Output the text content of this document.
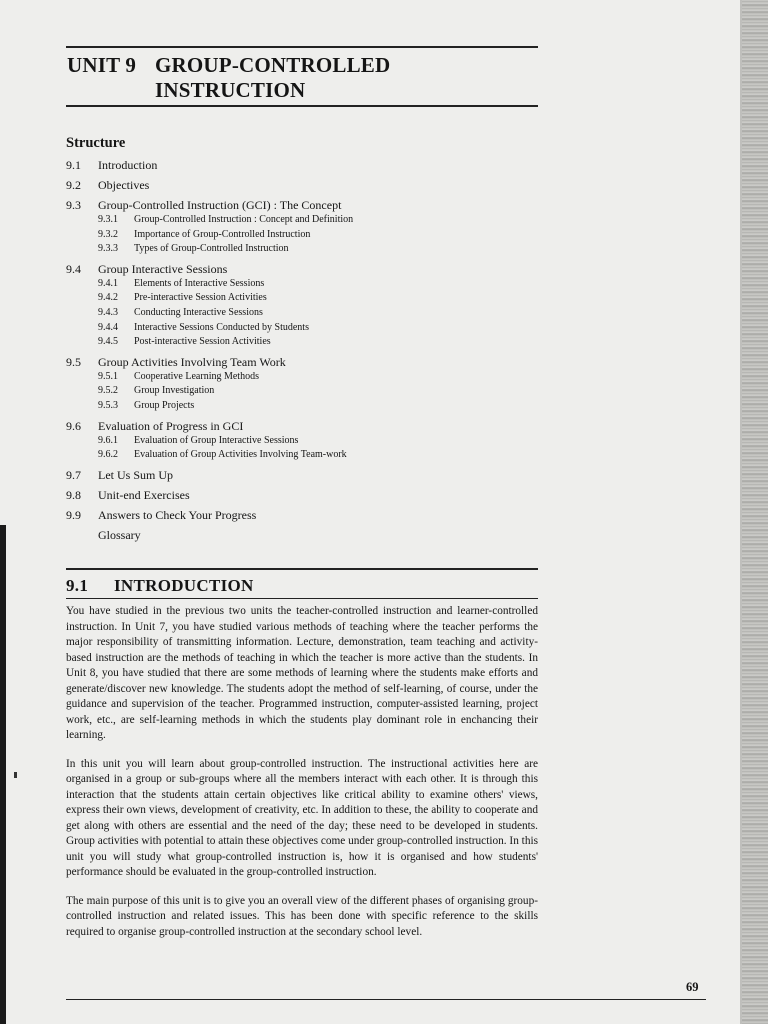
UNIT 9 GROUP-CONTROLLED
INSTRUCTION
Structure
9.1	Introduction
9.2	Objectives
9.3	Group-Controlled Instruction (GCI) : The Concept
9.3.1	Group-Controlled Instruction : Concept and Definition
9.3.2	Importance of Group-Controlled Instruction
9.3.3	Types of Group-Controlled Instruction
9.4	Group Interactive Sessions
9.4.1	Elements of Interactive Sessions
9.4.2	Pre-interactive Session Activities
9.4.3	Conducting Interactive Sessions
9.4.4	Interactive Sessions Conducted by Students
9.4.5	Post-interactive Session Activities
9.5	Group Activities Involving Team Work
9.5.1	Cooperative Learning Methods
9.5.2	Group Investigation
9.5.3	Group Projects
9.6	Evaluation of Progress in GCI
9.6.1	Evaluation of Group Interactive Sessions
9.6.2	Evaluation of Group Activities Involving Team-work
9.7	Let Us Sum Up
9.8	Unit-end Exercises
9.9	Answers to Check Your Progress
Glossary
9.1 INTRODUCTION

You have studied in the previous two units the teacher-controlled instruction and learner-controlled instruction. In Unit 7, you have studied various methods of teaching where the teacher performs the major responsibility of transmitting information. Lecture, demonstration, team teaching and activity-based instruction are the methods of teaching in which the teacher is more active than the students. In Unit 8, you have studied that there are some methods of learning where the students make efforts and generate/discover new knowledge. The students adopt the method of self-learning, of course, under the guidance and supervision of the teacher. Programmed instruction, computer-assisted learning, project work, etc., are self-learning methods in which the students play dominant role in enchancing their learning.

In this unit you will learn about group-controlled instruction. The instructional activities here are organised in a group or sub-groups where all the members interact with each other. It is through this interaction that the students attain certain objectives like critical ability to examine others' views, express their own views, development of creativity, etc. In addition to these, the ability to cooperate and get along with others are essential and the need of the day; these need to be developed in students. Group activities with potential to attain these objectives come under group-controlled instruction. In this unit you will study what group-controlled instruction is, how it is organised and how students' performance should be evaluated in the group-controlled instruction.

The main purpose of this unit is to give you an overall view of the different phases of organising group-controlled instruction and related issues. This has been done with specific reference to the skills required to organise group-controlled instruction at the secondary school level.

69
